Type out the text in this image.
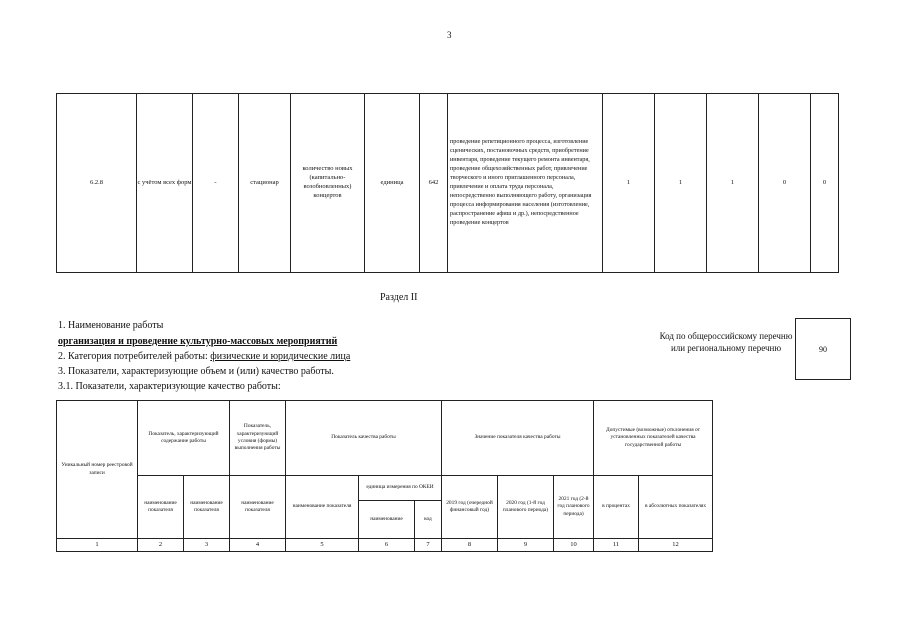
3
6.2.8	с учётом всех форм	-	стационар	количество новых (капитально-возобновленных) концертов	единица	642	проведение репетиционного процесса, изготовление сценических, постановочных средств, приобретение инвентаря, проведение текущего ремонта инвентаря, проведение общехозяйственных работ, привлечение творческого и иного приглашенного персонала, привлечение и оплата труда персонала, непосредственно выполняющего работу, организация процесса информирования населения (изготовление, распространение афиш и др.), непосредственное проведение концертов	1	1	1	0	0
Раздел II
1. Наименование работы
организация и проведение культурно-массовых мероприятий
2. Категория потребителей работы: физические и юридические лица
3. Показатели, характеризующие объем и (или) качество работы.
3.1. Показатели, характеризующие качество работы:
Код по общероссийскому перечню или региональному перечню	90
Уникальный номер реестровой записи	Показатель, характеризующий содержание работы		Показатель, характеризующий условия (формы) выполнения работы	Показатель качества работы			Значение показателя качества работы			Допустимые (возможные) отклонения от установленных показателей качества государственной работы	
	наименование показателя	наименование показателя	наименование показателя	наименование показателя	единица измерения по ОКЕИ		2019 год (очередной финансовый год)	2020 год (1-й год планового периода)	2021 год (2-й год планового периода)	в процентах	в абсолютных показателях
					наименование	код					
1	2	3	4	5	6	7	8	9	10	11	12
